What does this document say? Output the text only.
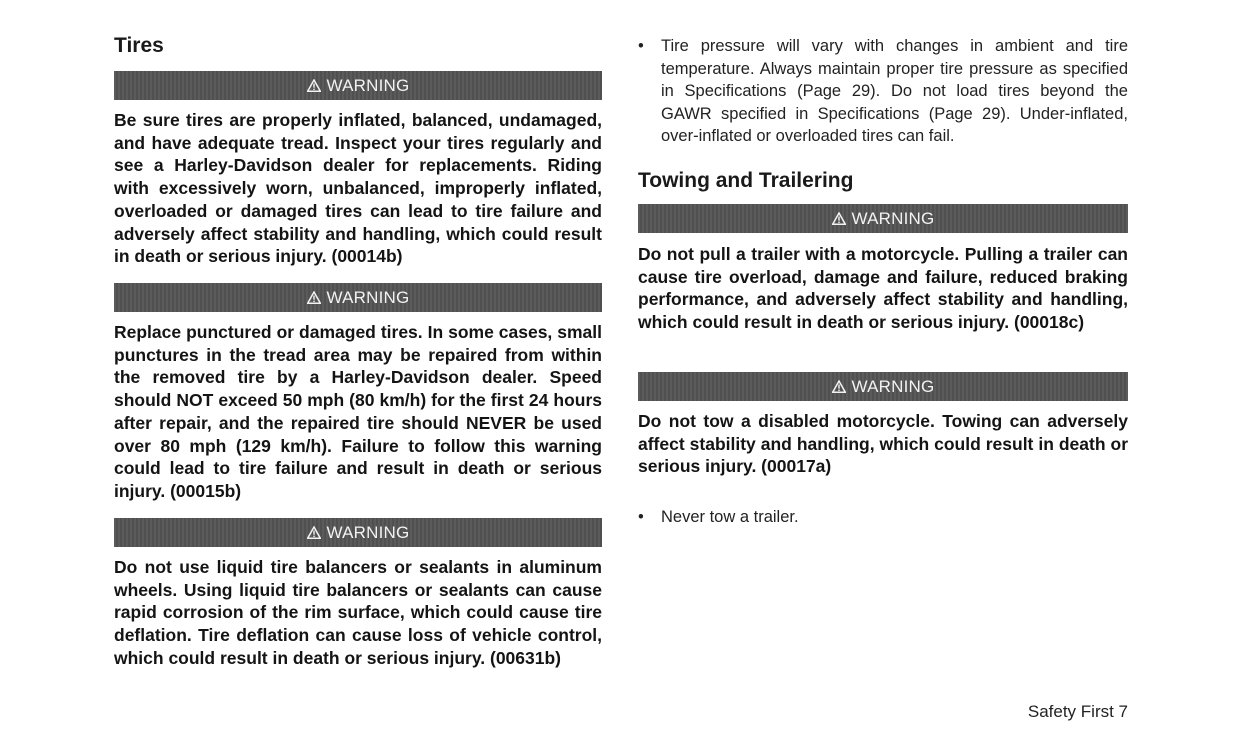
Tires
WARNING

Be sure tires are properly inflated, balanced, undamaged, and have adequate tread. Inspect your tires regularly and see a Harley-Davidson dealer for replacements. Riding with excessively worn, unbalanced, improperly inflated, overloaded or damaged tires can lead to tire failure and adversely affect stability and handling, which could result in death or serious injury. (00014b)

WARNING

Replace punctured or damaged tires. In some cases, small punctures in the tread area may be repaired from within the removed tire by a Harley-Davidson dealer. Speed should NOT exceed 50 mph (80 km/h) for the first 24 hours after repair, and the repaired tire should NEVER be used over 80 mph (129 km/h). Failure to follow this warning could lead to tire failure and result in death or serious injury. (00015b)

WARNING

Do not use liquid tire balancers or sealants in aluminum wheels. Using liquid tire balancers or sealants can cause rapid corrosion of the rim surface, which could cause tire deflation. Tire deflation can cause loss of vehicle control, which could result in death or serious injury. (00631b)

• Tire pressure will vary with changes in ambient and tire temperature. Always maintain proper tire pressure as specified in Specifications (Page 29). Do not load tires beyond the GAWR specified in Specifications (Page 29). Under-inflated, over-inflated or overloaded tires can fail.
Towing and Trailering
WARNING

Do not pull a trailer with a motorcycle. Pulling a trailer can cause tire overload, damage and failure, reduced braking performance, and adversely affect stability and handling, which could result in death or serious injury. (00018c)

WARNING

Do not tow a disabled motorcycle. Towing can adversely affect stability and handling, which could result in death or serious injury. (00017a)

• Never tow a trailer.
Safety First 7
